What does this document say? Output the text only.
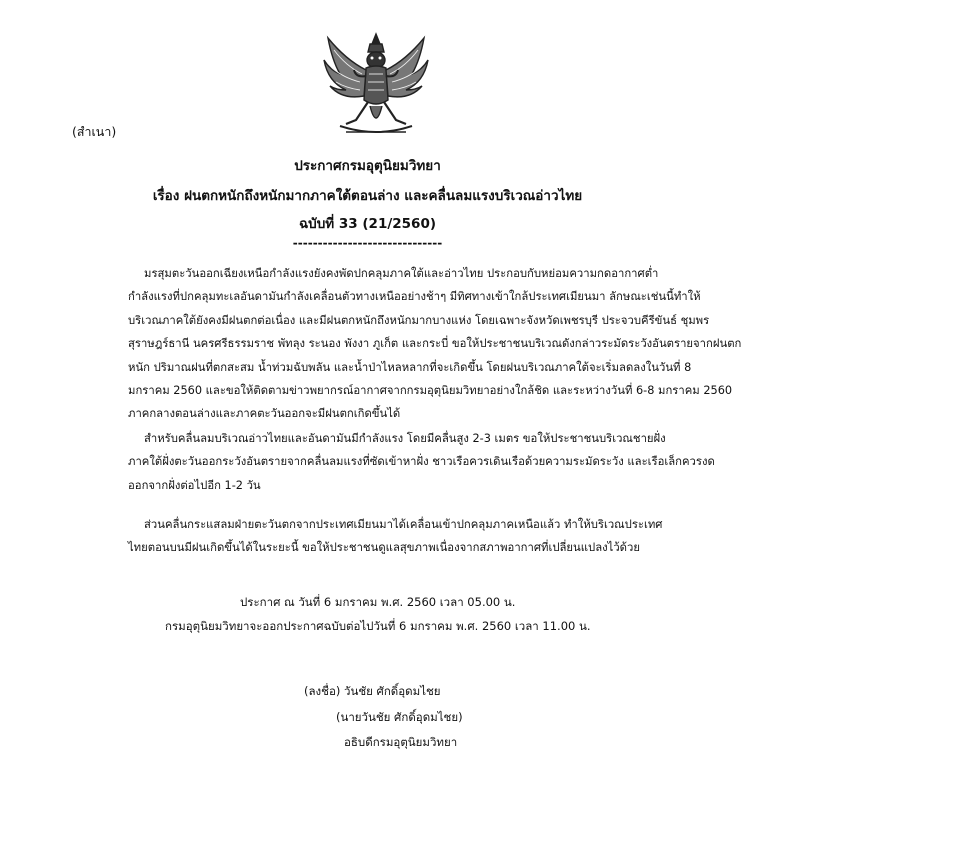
(สำเนา)
ประกาศกรมอุตุนิยมวิทยา
เรื่อง ฝนตกหนักถึงหนักมากภาคใต้ตอนล่าง และคลื่นลมแรงบริเวณอ่าวไทย
ฉบับที่ 33 (21/2560)
------------------------------
มรสุมตะวันออกเฉียงเหนือกำลังแรงยังคงพัดปกคลุมภาคใต้และอ่าวไทย ประกอบกับหย่อมความกดอากาศต่ำ
กำลังแรงที่ปกคลุมทะเลอันดามันกำลังเคลื่อนตัวทางเหนืออย่างช้าๆ มีทิศทางเข้าใกล้ประเทศเมียนมา ลักษณะเช่นนี้ทำให้
บริเวณภาคใต้ยังคงมีฝนตกต่อเนื่อง และมีฝนตกหนักถึงหนักมากบางแห่ง โดยเฉพาะจังหวัดเพชรบุรี ประจวบคีรีขันธ์ ชุมพร
สุราษฎร์ธานี นครศรีธรรมราช พัทลุง ระนอง พังงา ภูเก็ต และกระบี่ ขอให้ประชาชนบริเวณดังกล่าวระมัดระวังอันตรายจากฝนตก
หนัก ปริมาณฝนที่ตกสะสม น้ำท่วมฉับพลัน และน้ำป่าไหลหลากที่จะเกิดขึ้น โดยฝนบริเวณภาคใต้จะเริ่มลดลงในวันที่ 8
มกราคม 2560 และขอให้ติดตามข่าวพยากรณ์อากาศจากกรมอุตุนิยมวิทยาอย่างใกล้ชิด และระหว่างวันที่ 6-8 มกราคม 2560
ภาคกลางตอนล่างและภาคตะวันออกจะมีฝนตกเกิดขึ้นได้
สำหรับคลื่นลมบริเวณอ่าวไทยและอันดามันมีกำลังแรง โดยมีคลื่นสูง 2-3 เมตร ขอให้ประชาชนบริเวณชายฝั่ง
ภาคใต้ฝั่งตะวันออกระวังอันตรายจากคลื่นลมแรงที่ซัดเข้าหาฝั่ง ชาวเรือควรเดินเรือด้วยความระมัดระวัง และเรือเล็กควรงด
ออกจากฝั่งต่อไปอีก 1-2 วัน
ส่วนคลื่นกระแสลมฝ่ายตะวันตกจากประเทศเมียนมาได้เคลื่อนเข้าปกคลุมภาคเหนือแล้ว ทำให้บริเวณประเทศ
ไทยตอนบนมีฝนเกิดขึ้นได้ในระยะนี้ ขอให้ประชาชนดูแลสุขภาพเนื่องจากสภาพอากาศที่เปลี่ยนแปลงไว้ด้วย
ประกาศ ณ วันที่ 6 มกราคม พ.ศ. 2560 เวลา 05.00 น.
กรมอุตุนิยมวิทยาจะออกประกาศฉบับต่อไปวันที่ 6 มกราคม พ.ศ. 2560 เวลา 11.00 น.
(ลงชื่อ) วันชัย ศักดิ์อุดมไชย
(นายวันชัย ศักดิ์อุดมไชย)
อธิบดีกรมอุตุนิยมวิทยา
